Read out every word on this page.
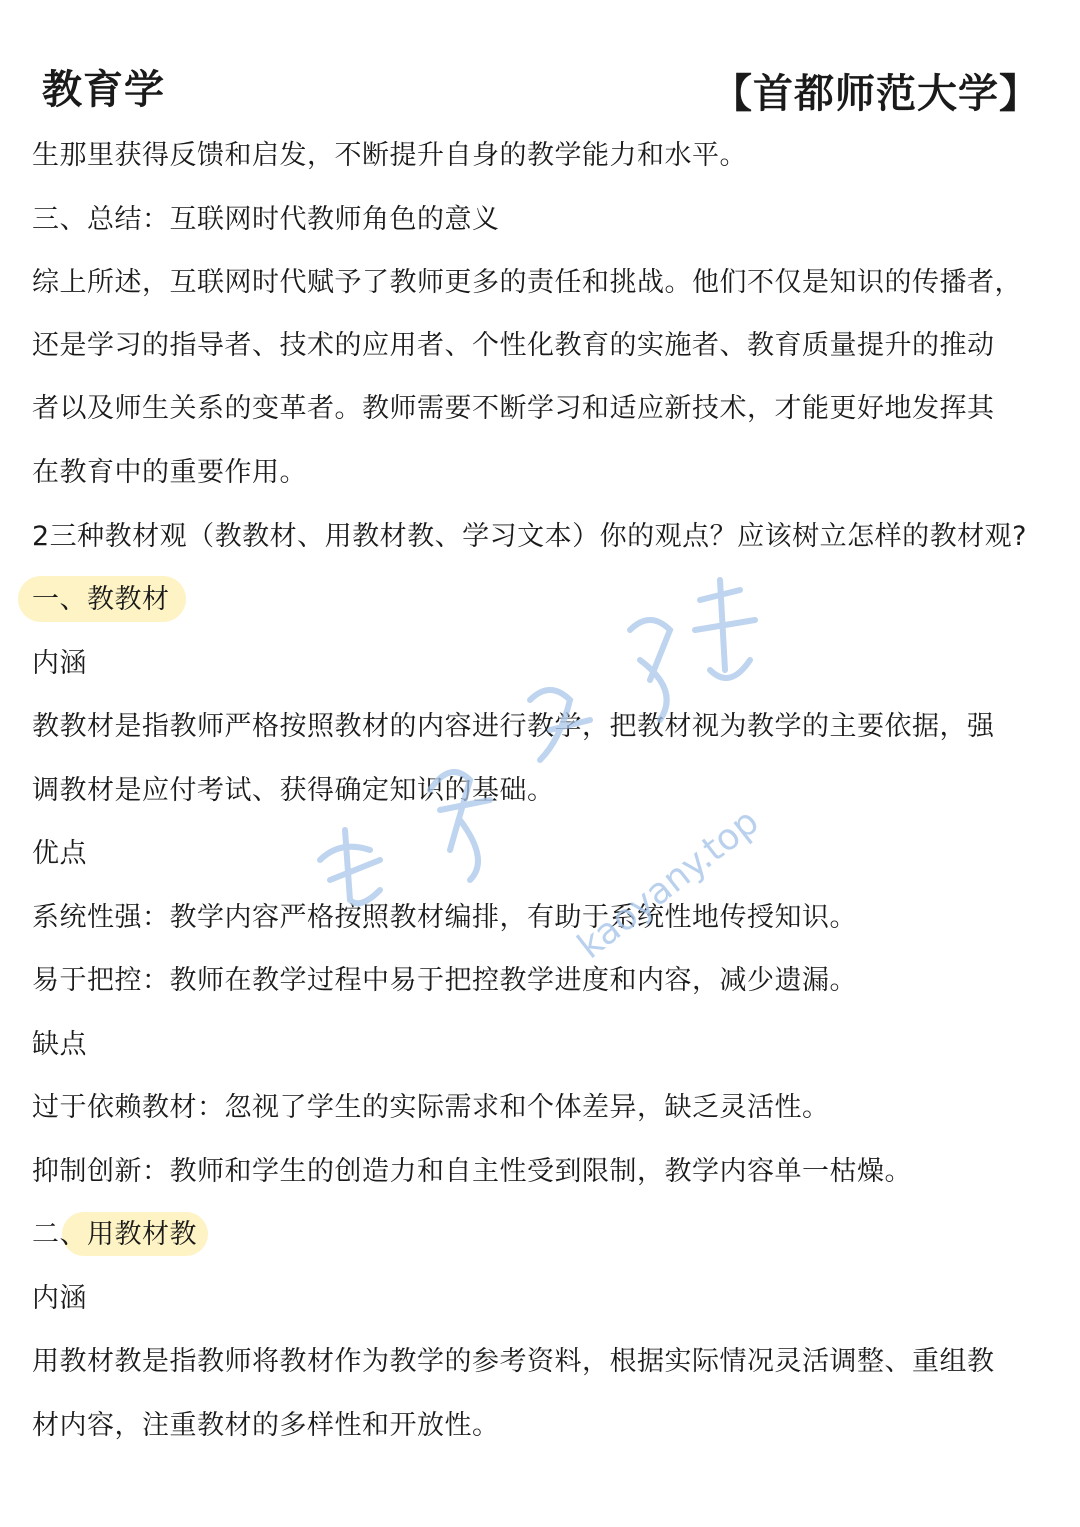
教育学	【首都师范大学】
生那里获得反馈和启发，不断提升自身的教学能力和水平。
三、总结：互联网时代教师角色的意义
综上所述，互联网时代赋予了教师更多的责任和挑战。他们不仅是知识的传播者，
还是学习的指导者、技术的应用者、个性化教育的实施者、教育质量提升的推动
者以及师生关系的变革者。教师需要不断学习和适应新技术，才能更好地发挥其
在教育中的重要作用。
2三种教材观（教教材、用教材教、学习文本）你的观点？应该树立怎样的教材观?
一、教教材
内涵
教教材是指教师严格按照教材的内容进行教学，把教材视为教学的主要依据，强
调教材是应付考试、获得确定知识的基础。
优点
系统性强：教学内容严格按照教材编排，有助于系统性地传授知识。
易于把控：教师在教学过程中易于把控教学进度和内容，减少遗漏。
缺点
过于依赖教材：忽视了学生的实际需求和个体差异，缺乏灵活性。
抑制创新：教师和学生的创造力和自主性受到限制，教学内容单一枯燥。
二、用教材教
内涵
用教材教是指教师将教材作为教学的参考资料，根据实际情况灵活调整、重组教
材内容，注重教材的多样性和开放性。
kaoyany.top
